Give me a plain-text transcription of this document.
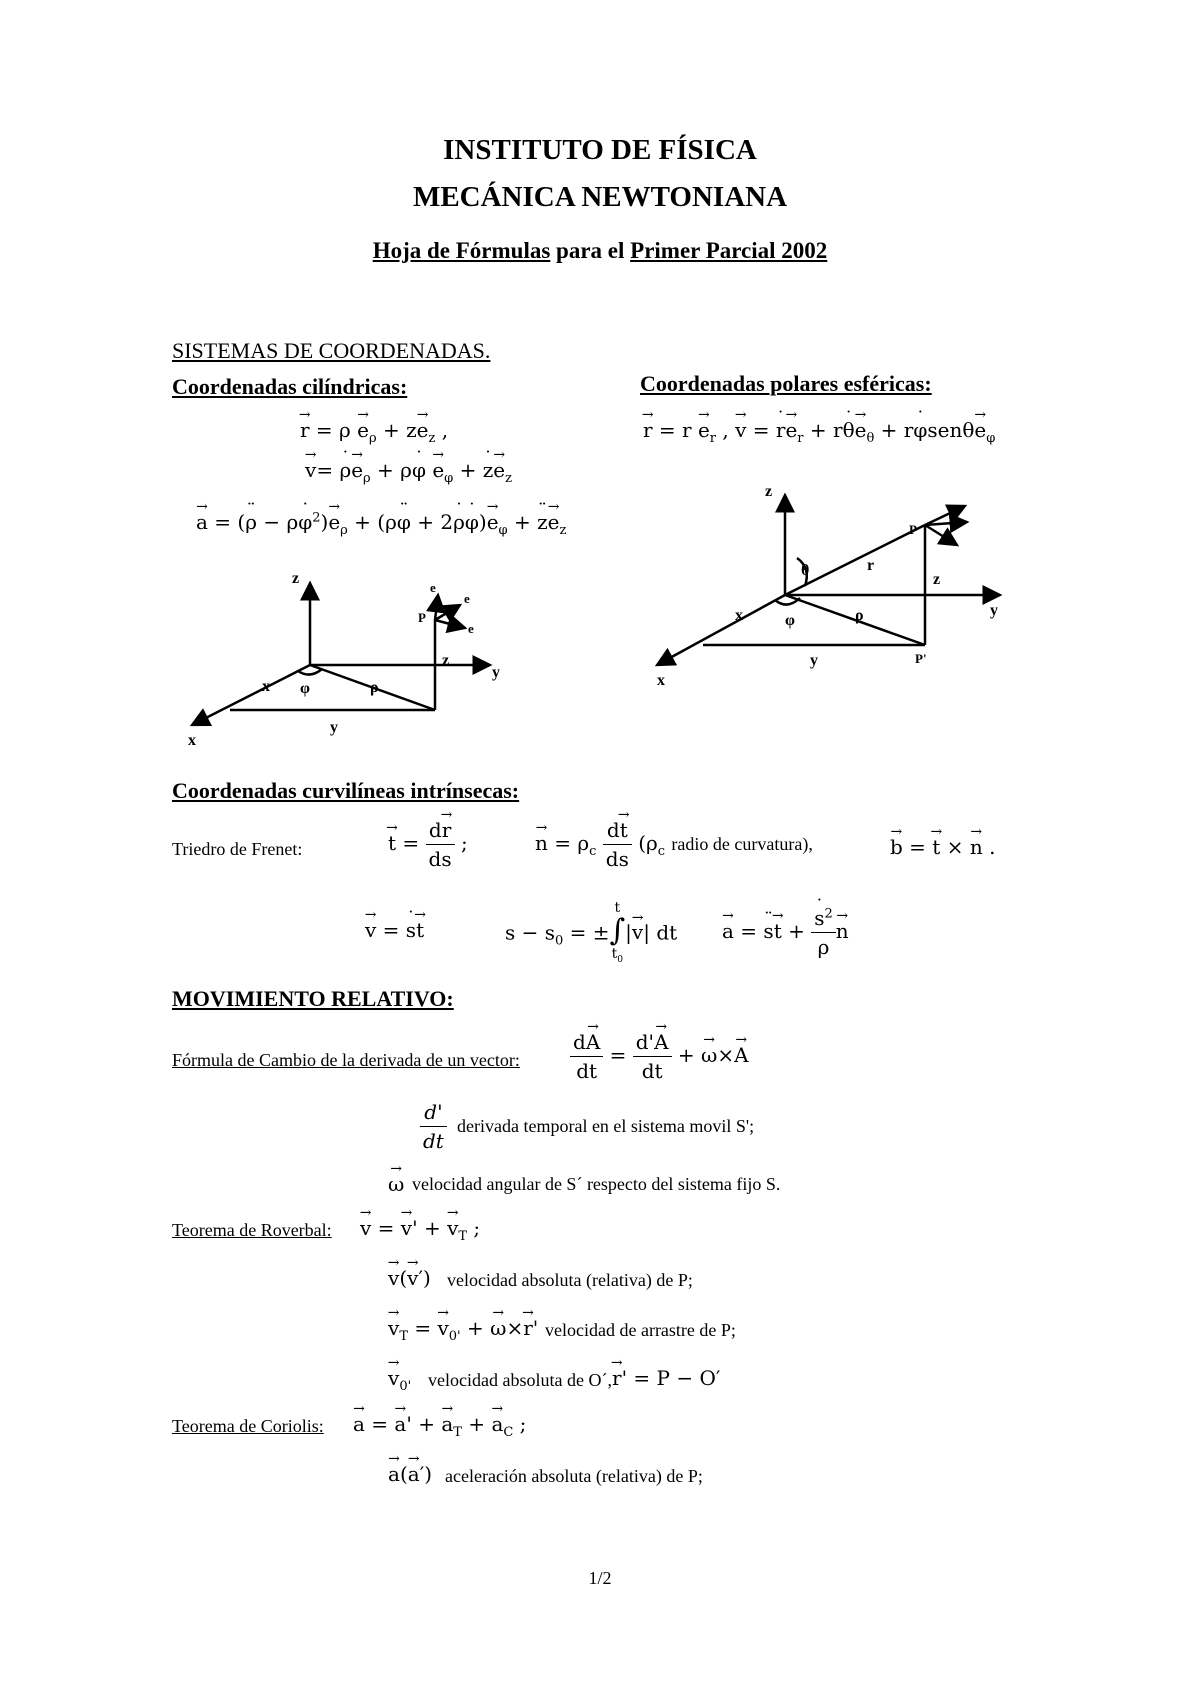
INSTITUTO DE FÍSICA
MECÁNICA NEWTONIANA
Hoja de Fórmulas para el Primer Parcial 2002
SISTEMAS DE COORDENADAS.
Coordenadas cilíndricas:	Coordenadas polares esféricas:
→ $r = \rho \to e_\rho + z\to e_z$ ,
→ v= ˙ $\rho\to e_\rho$ + ρ˙ $\varphi \to e_\varphi$ + ˙ $z\to e_z$
→ a = (¨ ρ − ρ˙ $\varphi^2)\to e_\rho$ + (ρ¨ φ + 2˙ ρ˙ $\varphi)\to e_\varphi$ + ¨ $z\to e_z$
→ $r = r \to e_r$ , → v = ˙ $r\to e_r$ + r˙ $\theta\to e_\theta$ + r˙ $\varphi sen\theta\to e_\varphi$
z
y
x
x φ	ρ
y
z
P
e
e
e
z
y
x
θ	r
z
x	φ	ρ
y
P
P'
Coordenadas curvilíneas intrínsecas:
Triedro de Frenet:
→	$t = \frac{d\to r}{ds}$ ;
→	$n = \rho_c \frac{d\to t}{ds} (\rho_c$ radio de curvatura),
→	b = → t × → n .
→ v = ˙ s→ t	$s - s_0 = \pm t$
∫
$t_0|\to v|$ dt
→ a = ¨ s→ t +
˙ $\frac{s^2}{\rho}$
→ n
MOVIMIENTO RELATIVO:
Fórmula de Cambio de la derivada de un vector:	$\frac{d\to A}{dt} = \frac{d'\to A}{dt}$ + → ω×→ A
$\frac{d'}{dt}$ derivada temporal en el sistema movil S';
→ ω velocidad angular de S´ respecto del sistema fijo S.
Teorema de Roverbal:
→ v = → v' + → $v_T$ ;
→ v(→ v′) velocidad absoluta (relativa) de P;
→ $v_T$ = → $v_{0'}$ + → ω×→ r' velocidad de arrastre de P;
→ $v_{0'}$ velocidad absoluta de O´,
→ r' = P − O′
Teorema de Coriolis:
→ a = → a' + → $a_T$ + → $a_C$ ;
→ a(→ a′) aceleración absoluta (relativa) de P;
1/2
